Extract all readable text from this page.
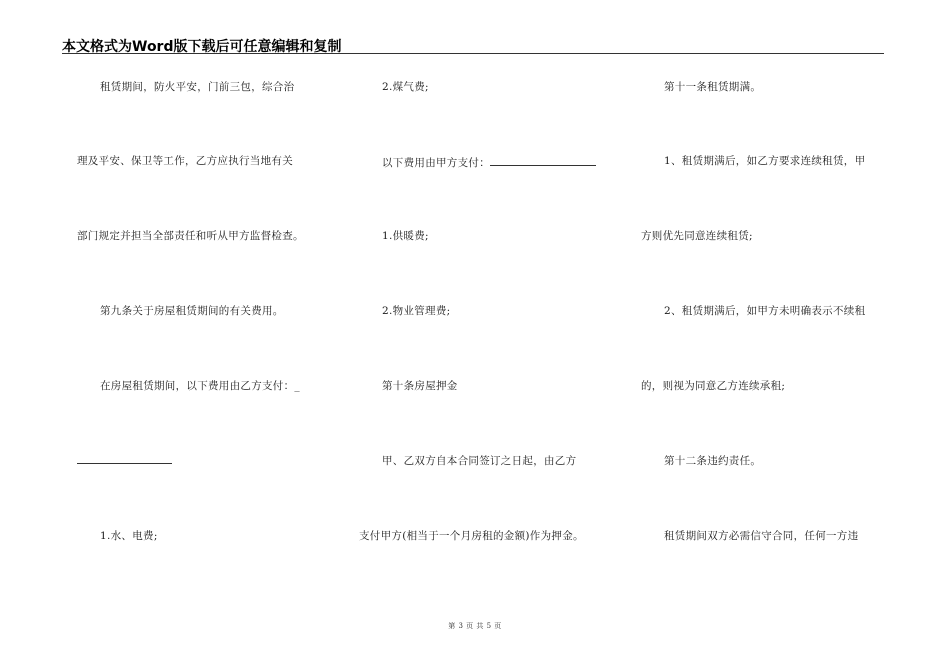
本文格式为Word版下载后可任意编辑和复制
租赁期间，防火平安，门前三包，综合治
理及平安、保卫等工作，乙方应执行当地有关
部门规定并担当全部责任和听从甲方监督检查。
第九条关于房屋租赁期间的有关费用。
在房屋租赁期间，以下费用由乙方支付：_
1.水、电费;
2.煤气费;
以下费用由甲方支付：
1.供暖费;
2.物业管理费;
第十条房屋押金
甲、乙双方自本合同签订之日起，由乙方
支付甲方(相当于一个月房租的金额)作为押金。
第十一条租赁期满。
1、租赁期满后，如乙方要求连续租赁，甲
方则优先同意连续租赁;
2、租赁期满后，如甲方未明确表示不续租
的，则视为同意乙方连续承租;
第十二条违约责任。
租赁期间双方必需信守合同，任何一方违
第 3 页 共 5 页
